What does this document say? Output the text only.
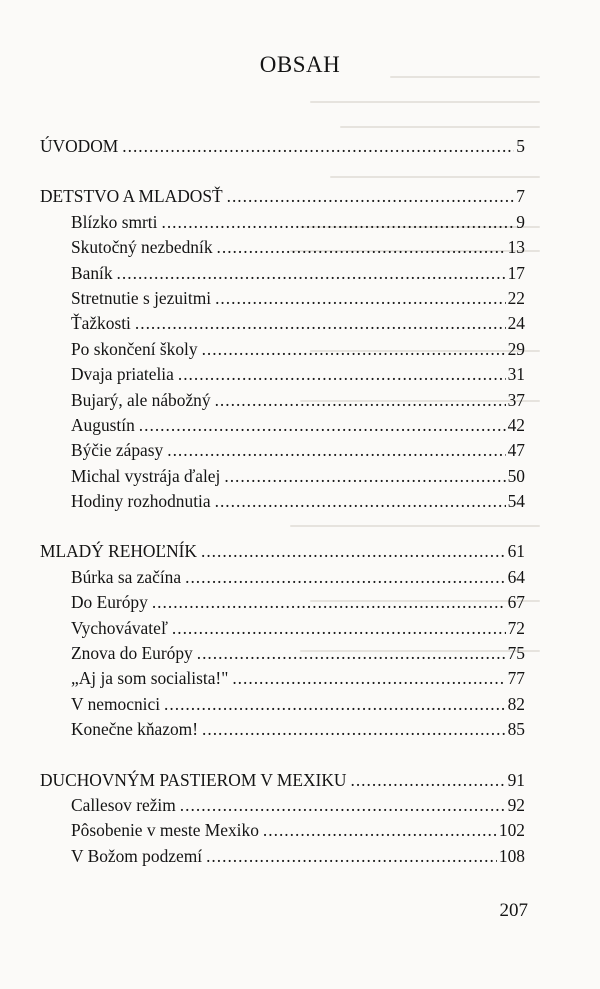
OBSAH
ÚVODOM .....	5
DETSTVO A MLADOSŤ .....	7
Blízko smrti .....	9
Skutočný nezbedník .....	13
Baník .....	17
Stretnutie s jezuitmi .....	22
Ťažkosti .....	24
Po skončení školy .....	29
Dvaja priatelia .....	31
Bujarý, ale nábožný .....	37
Augustín .....	42
Býčie zápasy .....	47
Michal vystrája ďalej .....	50
Hodiny rozhodnutia .....	54
MLADÝ REHOĽNÍK .....	61
Búrka sa začína .....	64
Do Európy .....	67
Vychovávateľ .....	72
Znova do Európy .....	75
„Aj ja som socialista!" .....	77
V nemocnici .....	82
Konečne kňazom! .....	85
DUCHOVNÝM PASTIEROM V MEXIKU .....	91
Callesov režim .....	92
Pôsobenie v meste Mexiko .....	102
V Božom podzemí .....	108
207
